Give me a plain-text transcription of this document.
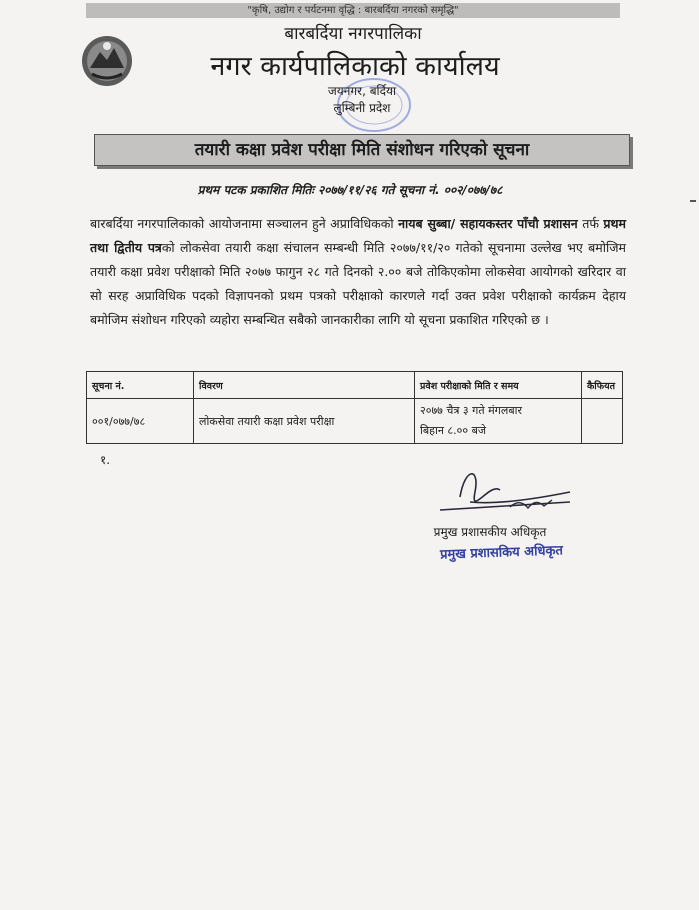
"कृषि, उद्योग र पर्यटनमा वृद्धि : बारबर्दिया नगरको समृद्धि"
बारबर्दिया नगरपालिका
नगर कार्यपालिकाको कार्यालय
जयनगर, बर्दिया
लुम्बिनी प्रदेश
तयारी कक्षा प्रवेश परीक्षा मिति संशोधन गरिएको सूचना
प्रथम पटक प्रकाशित मितिः २०७७/११/२६ गते सूचना नं. ००२/०७७/७८
बारबर्दिया नगरपालिकाको आयोजनामा सञ्चालन हुने अप्राविधिकको नायब सुब्बा/ सहायकस्तर पाँचौ प्रशासन तर्फ प्रथम तथा द्वितीय पत्रको लोकसेवा तयारी कक्षा संचालन सम्बन्धी मिति २०७७/११/२० गतेको सूचनामा उल्लेख भए बमोजिम तयारी कक्षा प्रवेश परीक्षाको मिति २०७७ फागुन २८ गते दिनको २.०० बजे तोकिएकोमा लोकसेवा आयोगको खरिदार वा सो सरह अप्राविधिक पदको विज्ञापनको प्रथम पत्रको परीक्षाको कारणले गर्दा उक्त प्रवेश परीक्षाको कार्यक्रम देहाय बमोजिम संशोधन गरिएको व्यहोरा सम्बन्धित सबैको जानकारीका लागि यो सूचना प्रकाशित गरिएको छ ।
सूचना नं.	विवरण	प्रवेश परीक्षाको मिति र समय	कैफियत
००१/०७७/७८	लोकसेवा तयारी कक्षा प्रवेश परीक्षा	२०७७ चैत्र ३ गते मंगलबार
बिहान ८.०० बजे	

१.
प्रमुख प्रशासकीय अधिकृत
प्रमुख प्रशासकिय अधिकृत
